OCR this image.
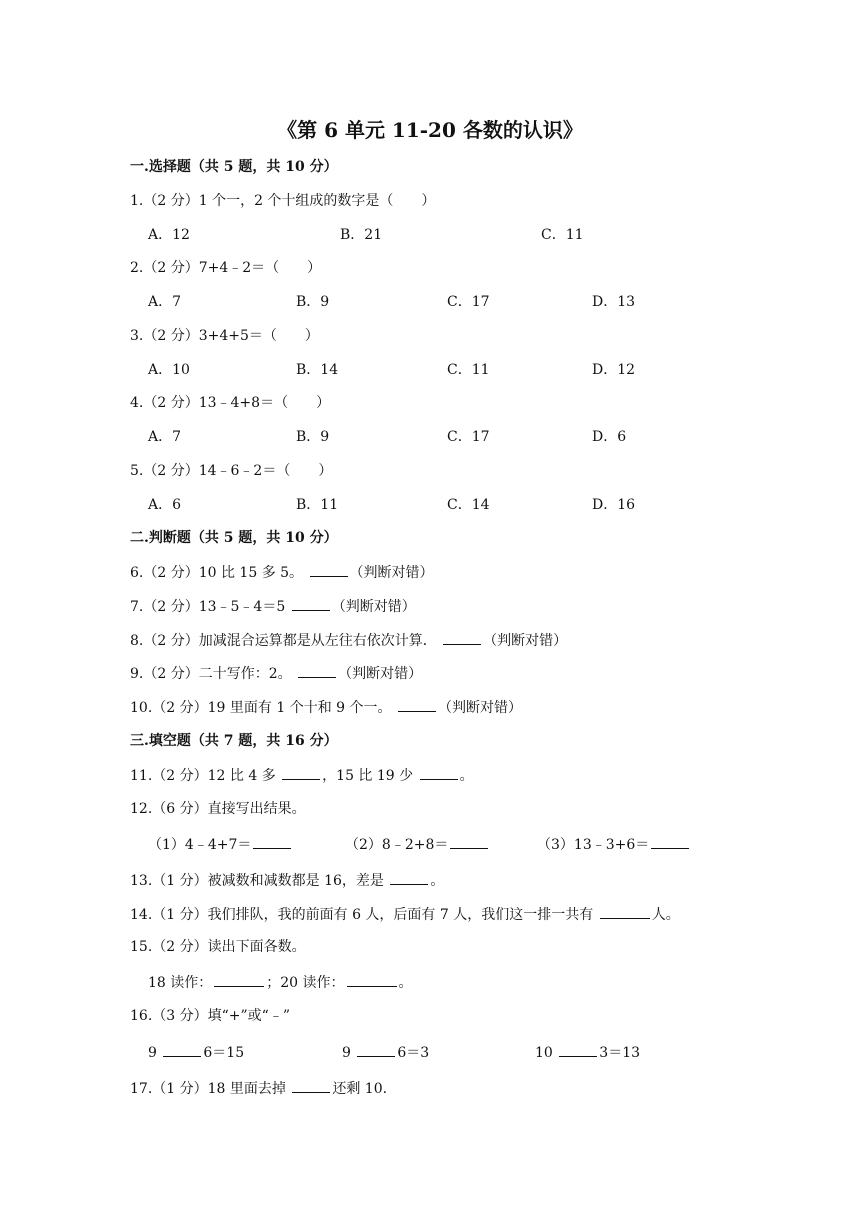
《第 6 单元 11-20 各数的认识》
一.选择题（共 5 题，共 10 分）
1.（2 分）1 个一，2 个十组成的数字是（　　）
A．12	B．21	C．11
2.（2 分）7+4﹣2＝（　　）
A．7	B．9	C．17	D．13
3.（2 分）3+4+5＝（　　）
A．10	B．14	C．11	D．12
4.（2 分）13﹣4+8＝（　　）
A．7	B．9	C．17	D．6
5.（2 分）14﹣6﹣2＝（　　）
A．6	B．11	C．14	D．16
二.判断题（共 5 题，共 10 分）
6.（2 分）10 比 15 多 5。	（判断对错）
7.（2 分）13﹣5﹣4＝5	（判断对错）
8.（2 分）加减混合运算都是从左往右依次计算．	（判断对错）
9.（2 分）二十写作：2。	（判断对错）
10.（2 分）19 里面有 1 个十和 9 个一。	（判断对错）
三.填空题（共 7 题，共 16 分）
11.（2 分）12 比 4 多	，15 比 19 少	。
12.（6 分）直接写出结果。
（1）4﹣4+7＝	（2）8﹣2+8＝	（3）13﹣3+6＝
13.（1 分）被减数和减数都是 16，差是	。
14.（1 分）我们排队，我的前面有 6 人，后面有 7 人，我们这一排一共有	人。
15.（2 分）读出下面各数。
18 读作：	；20 读作：	。
16.（3 分）填“+”或“﹣”
9	6＝15	9	6＝3	10	3＝13
17.（1 分）18 里面去掉	还剩 10.
